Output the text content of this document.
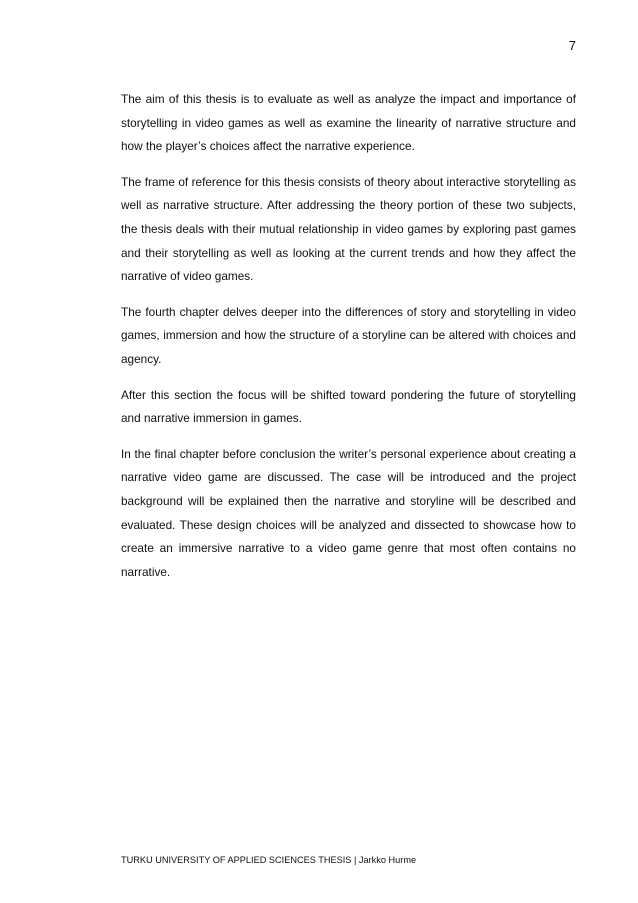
7

The aim of this thesis is to evaluate as well as analyze the impact and importance of storytelling in video games as well as examine the linearity of narrative structure and how the player’s choices affect the narrative experience.

The frame of reference for this thesis consists of theory about interactive storytelling as well as narrative structure. After addressing the theory portion of these two subjects, the thesis deals with their mutual relationship in video games by exploring past games and their storytelling as well as looking at the current trends and how they affect the narrative of video games.

The fourth chapter delves deeper into the differences of story and storytelling in video games, immersion and how the structure of a storyline can be altered with choices and agency.

After this section the focus will be shifted toward pondering the future of storytelling and narrative immersion in games.

In the final chapter before conclusion the writer’s personal experience about creating a narrative video game are discussed. The case will be introduced and the project background will be explained then the narrative and storyline will be described and evaluated. These design choices will be analyzed and dissected to showcase how to create an immersive narrative to a video game genre that most often contains no narrative.

TURKU UNIVERSITY OF APPLIED SCIENCES THESIS | Jarkko Hurme
